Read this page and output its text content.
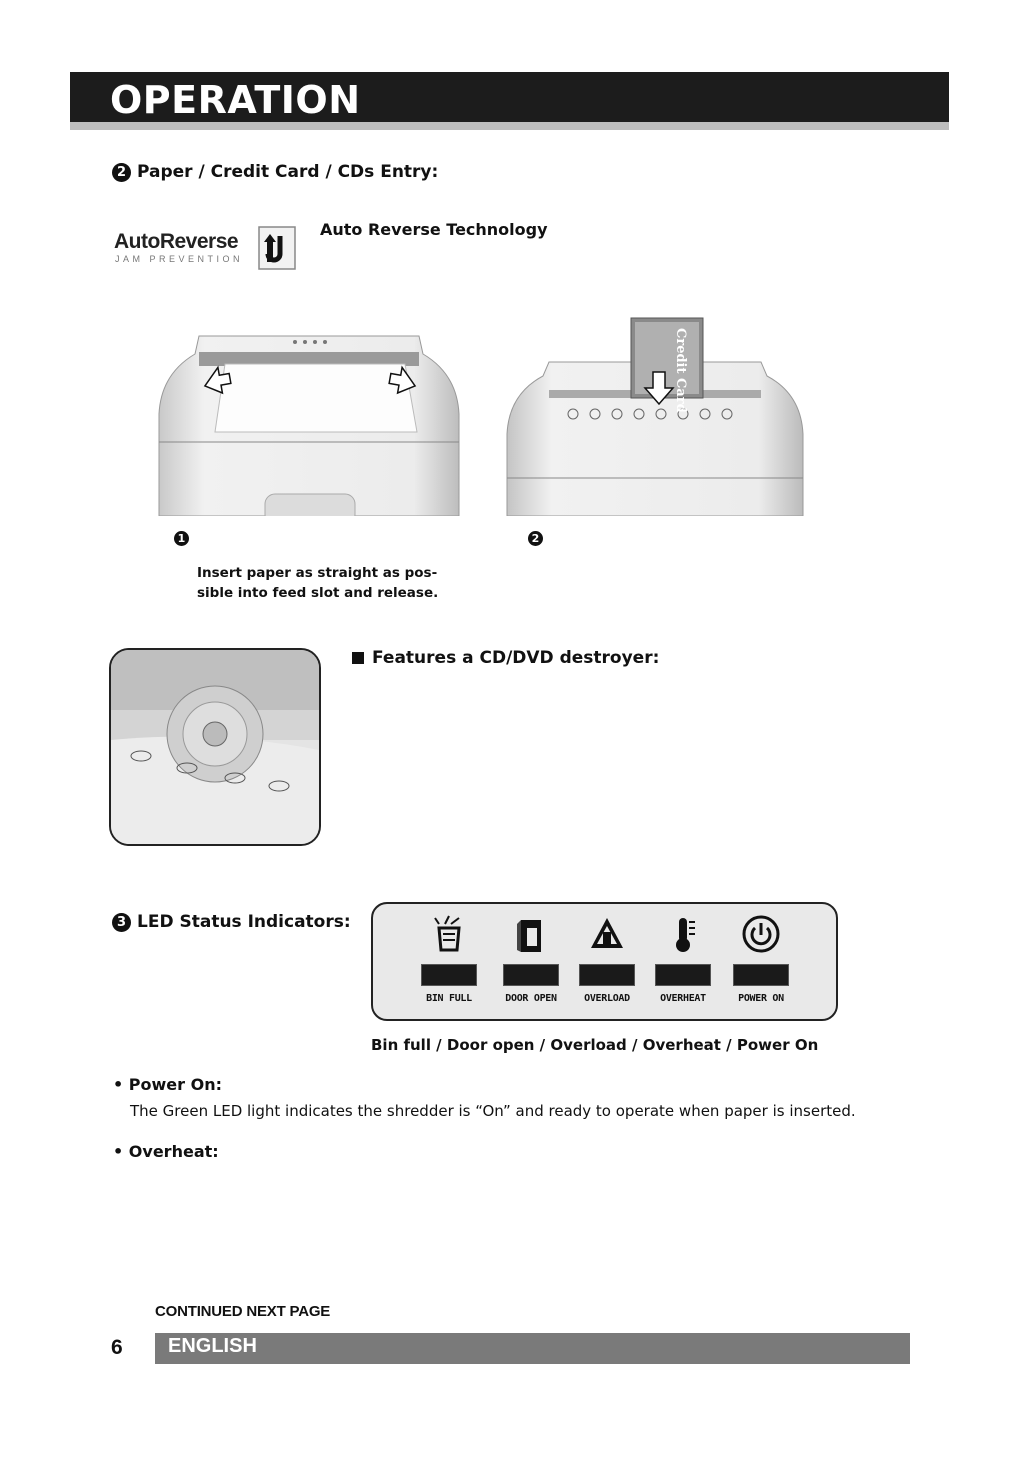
OPERATION
2 Paper / Credit Card / CDs Entry:
AutoReverse
JAM PREVENTION
Auto Reverse Technology
Credit Card
1	2
Insert paper as straight as pos-
sible into feed slot and release.
Features a CD/DVD destroyer:
3 LED Status Indicators:
BIN FULL	DOOR OPEN	OVERLOAD	OVERHEAT	POWER ON
Bin full / Door open / Overload / Overheat / Power On
• Power On:
The Green LED light indicates the shredder is “On” and ready to operate when paper is inserted.
• Overheat:
CONTINUED NEXT PAGE
6 ENGLISH
